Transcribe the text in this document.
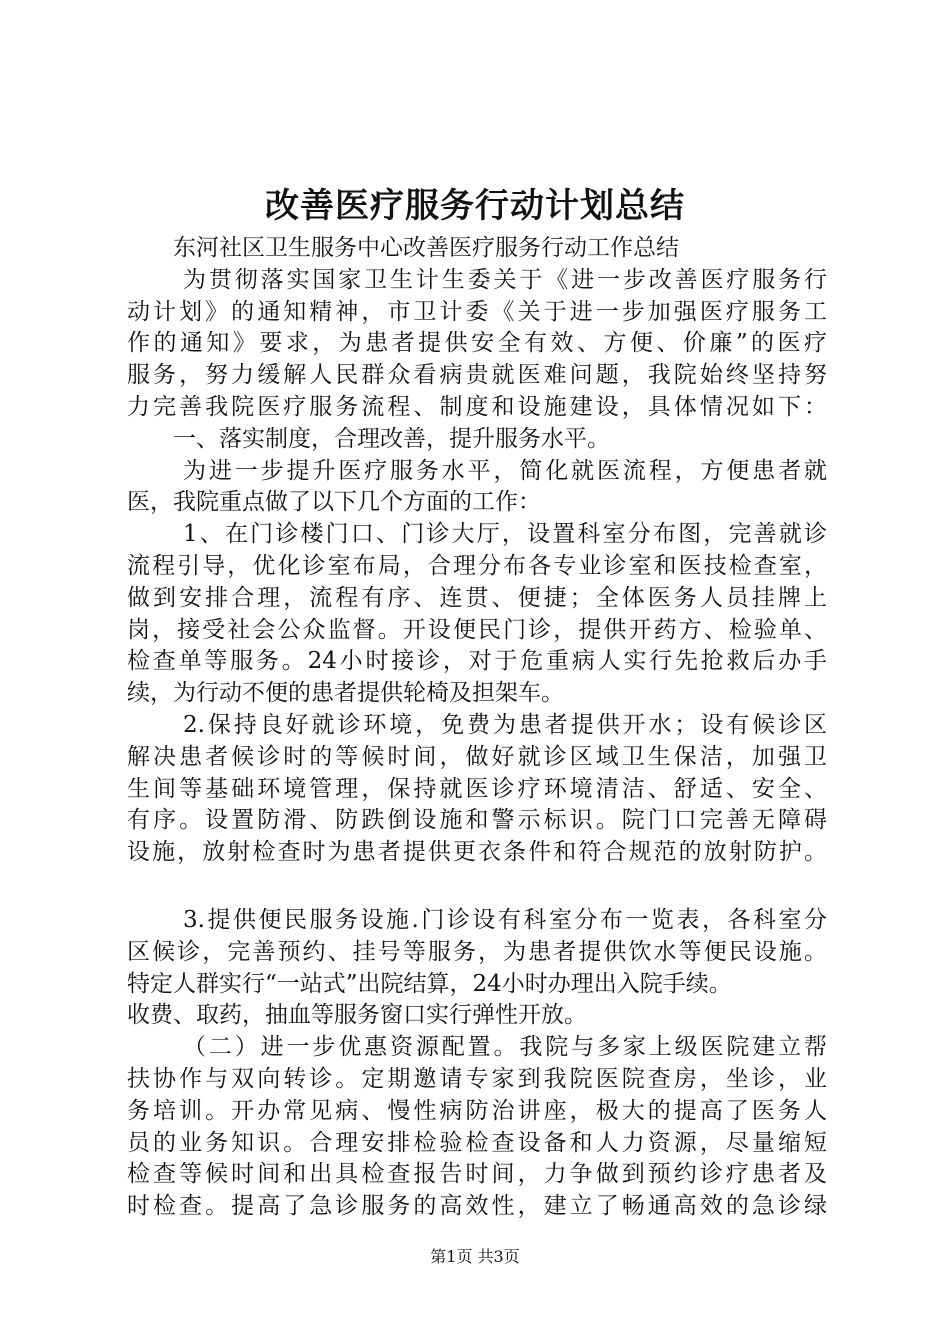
改善医疗服务行动计划总结
东河社区卫生服务中心改善医疗服务行动工作总结
为贯彻落实国家卫生计生委关于《进一步改善医疗服务行
动计划》的通知精神，市卫计委《关于进一步加强医疗服务工
作的通知》要求，为患者提供安全有效、方便、价廉”的医疗
服务，努力缓解人民群众看病贵就医难问题，我院始终坚持努
力完善我院医疗服务流程、制度和设施建设，具体情况如下：
一、落实制度，合理改善，提升服务水平。
为进一步提升医疗服务水平，简化就医流程，方便患者就
医，我院重点做了以下几个方面的工作：
1、在门诊楼门口、门诊大厅，设置科室分布图，完善就诊
流程引导，优化诊室布局，合理分布各专业诊室和医技检查室，
做到安排合理，流程有序、连贯、便捷；全体医务人员挂牌上
岗，接受社会公众监督。开设便民门诊，提供开药方、检验单、
检查单等服务。24小时接诊，对于危重病人实行先抢救后办手
续，为行动不便的患者提供轮椅及担架车。
2.保持良好就诊环境，免费为患者提供开水；设有候诊区
解决患者候诊时的等候时间，做好就诊区域卫生保洁，加强卫
生间等基础环境管理，保持就医诊疗环境清洁、舒适、安全、
有序。设置防滑、防跌倒设施和警示标识。院门口完善无障碍
设施，放射检查时为患者提供更衣条件和符合规范的放射防护。
3.提供便民服务设施.门诊设有科室分布一览表，各科室分
区候诊，完善预约、挂号等服务，为患者提供饮水等便民设施。
特定人群实行“一站式”出院结算，24小时办理出入院手续。
收费、取药，抽血等服务窗口实行弹性开放。
（二）进一步优惠资源配置。我院与多家上级医院建立帮
扶协作与双向转诊。定期邀请专家到我院医院查房，坐诊，业
务培训。开办常见病、慢性病防治讲座，极大的提高了医务人
员的业务知识。合理安排检验检查设备和人力资源，尽量缩短
检查等候时间和出具检查报告时间，力争做到预约诊疗患者及
时检查。提高了急诊服务的高效性，建立了畅通高效的急诊绿
第1页 共3页
